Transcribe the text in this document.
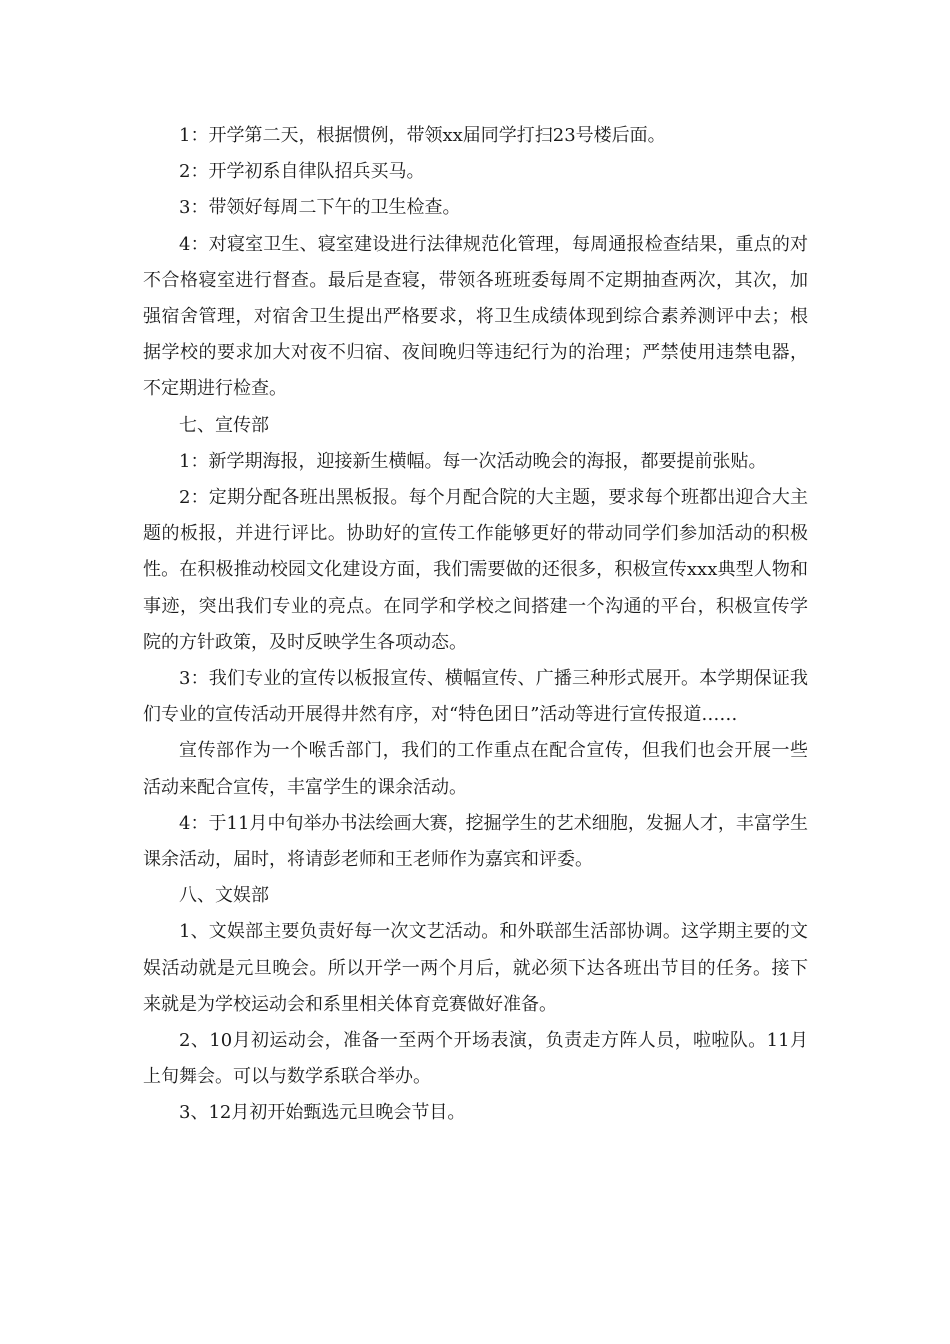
1：开学第二天，根据惯例，带领xx届同学打扫23号楼后面。

2：开学初系自律队招兵买马。

3：带领好每周二下午的卫生检查。

4：对寝室卫生、寝室建设进行法律规范化管理，每周通报检查结果，重点的对不合格寝室进行督查。最后是查寝，带领各班班委每周不定期抽查两次，其次，加强宿舍管理，对宿舍卫生提出严格要求，将卫生成绩体现到综合素养测评中去；根据学校的要求加大对夜不归宿、夜间晚归等违纪行为的治理；严禁使用违禁电器，不定期进行检查。

七、宣传部

1：新学期海报，迎接新生横幅。每一次活动晚会的海报，都要提前张贴。

2：定期分配各班出黑板报。每个月配合院的大主题，要求每个班都出迎合大主题的板报，并进行评比。协助好的宣传工作能够更好的带动同学们参加活动的积极性。在积极推动校园文化建设方面，我们需要做的还很多，积极宣传xxx典型人物和事迹，突出我们专业的亮点。在同学和学校之间搭建一个沟通的平台，积极宣传学院的方针政策，及时反映学生各项动态。

3：我们专业的宣传以板报宣传、横幅宣传、广播三种形式展开。本学期保证我们专业的宣传活动开展得井然有序，对“特色团日”活动等进行宣传报道……

宣传部作为一个喉舌部门，我们的工作重点在配合宣传，但我们也会开展一些活动来配合宣传，丰富学生的课余活动。

4：于11月中旬举办书法绘画大赛，挖掘学生的艺术细胞，发掘人才，丰富学生课余活动，届时，将请彭老师和王老师作为嘉宾和评委。

八、文娱部

1、文娱部主要负责好每一次文艺活动。和外联部生活部协调。这学期主要的文娱活动就是元旦晚会。所以开学一两个月后，就必须下达各班出节目的任务。接下来就是为学校运动会和系里相关体育竞赛做好准备。

2、10月初运动会，准备一至两个开场表演，负责走方阵人员，啦啦队。11月上旬舞会。可以与数学系联合举办。

3、12月初开始甄选元旦晚会节目。
